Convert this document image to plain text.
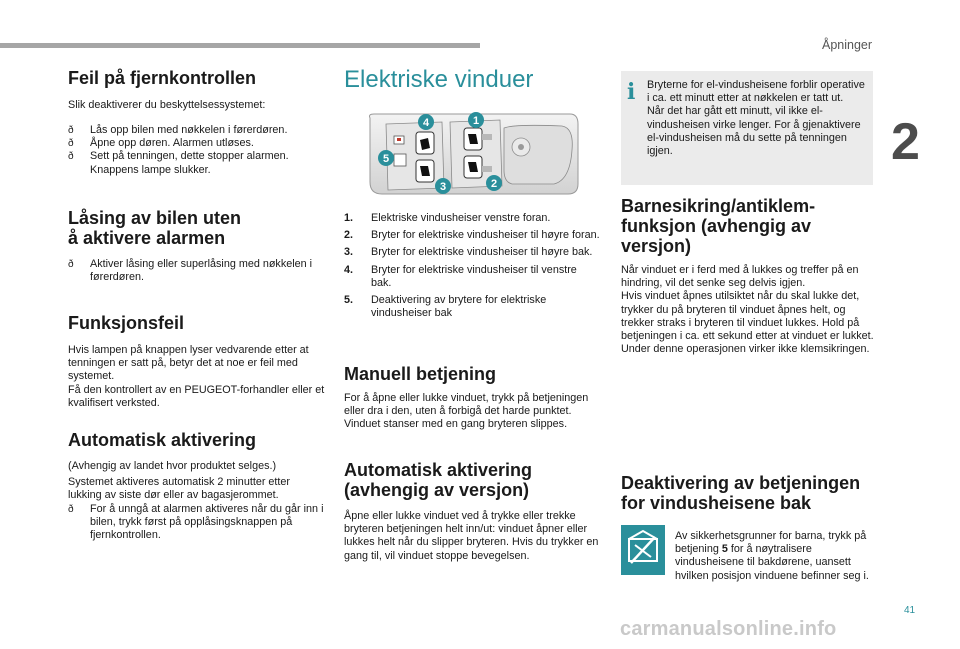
Åpninger
2
Feil på fjernkontrollen

Slik deaktiverer du beskyttelsessystemet:

ð Lås opp bilen med nøkkelen i førerdøren.
ð Åpne opp døren. Alarmen utløses.
ð Sett på tenningen, dette stopper alarmen. Knappens lampe slukker.
Låsing av bilen uten
å aktivere alarmen
ð Aktiver låsing eller superlåsing med nøkkelen i førerdøren.
Funksjonsfeil

Hvis lampen på knappen lyser vedvarende etter at tenningen er satt på, betyr det at noe er feil med systemet.

Få den kontrollert av en PEUGEOT-forhandler eller et kvalifisert verksted.

Automatisk aktivering

(Avhengig av landet hvor produktet selges.)

Systemet aktiveres automatisk 2 minutter etter lukking av siste dør eller av bagasjerommet.

ð For å unngå at alarmen aktiveres når du går inn i bilen, trykk først på opplåsingsknappen på fjernkontrollen.
Elektriske vinduer
4	1
5
3	2
1. Elektriske vindusheiser venstre foran.
2. Bryter for elektriske vindusheiser til høyre foran.
3. Bryter for elektriske vindusheiser til høyre bak.
4. Bryter for elektriske vindusheiser til venstre bak.
5. Deaktivering av brytere for elektriske vindusheiser bak
Manuell betjening

For å åpne eller lukke vinduet, trykk på betjeningen eller dra i den, uten å forbigå det harde punktet. Vinduet stanser med en gang bryteren slippes.

Automatisk aktivering
(avhengig av versjon)

Åpne eller lukke vinduet ved å trykke eller trekke bryteren betjeningen helt inn/ut: vinduet åpner eller lukkes helt når du slipper bryteren. Hvis du trykker en gang til, vil vinduet stoppe bevegelsen.

i Bryterne for el-vindusheisene forblir operative i ca. ett minutt etter at nøkkelen er tatt ut.

Når det har gått ett minutt, vil ikke el-vindusheisen virke lenger. For å gjenaktivere el-vindusheisen må du sette på tenningen igjen.

Barnesikring/antiklem-
funksjon (avhengig av
versjon)

Når vinduet er i ferd med å lukkes og treffer på en hindring, vil det senke seg delvis igjen.

Hvis vinduet åpnes utilsiktet når du skal lukke det, trykker du på bryteren til vinduet åpnes helt, og trekker straks i bryteren til vinduet lukkes. Hold på betjeningen i ca. ett sekund etter at vinduet er lukket.

Under denne operasjonen virker ikke klemsikringen.

Deaktivering av betjeningen
for vindusheisene bak

Av sikkerhetsgrunner for barna, trykk på betjening 5 for å nøytralisere vindusheisene til bakdørene, uansett hvilken posisjon vinduene befinner seg i.

41
carmanualsonline.info
